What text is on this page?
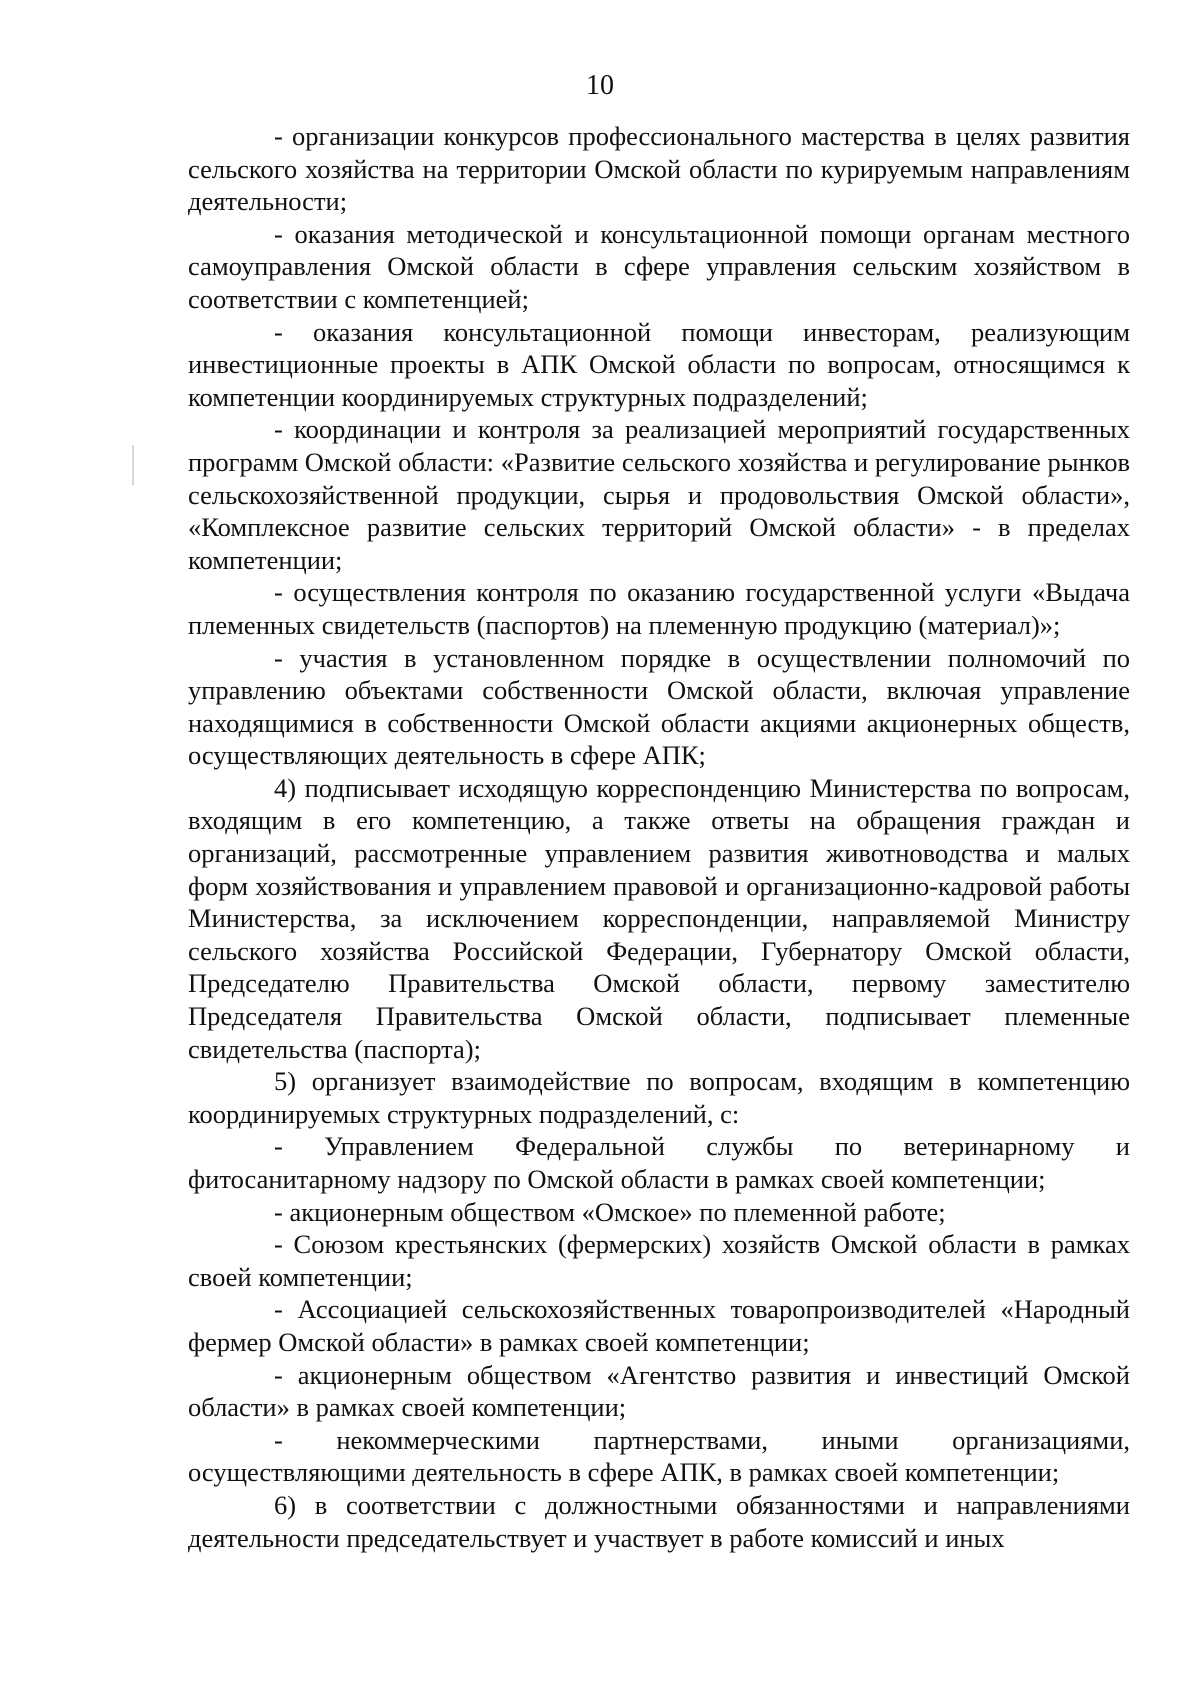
10

- организации конкурсов профессионального мастерства в целях развития сельского хозяйства на территории Омской области по курируемым направлениям деятельности;

- оказания методической и консультационной помощи органам местного самоуправления Омской области в сфере управления сельским хозяйством в соответствии с компетенцией;

- оказания консультационной помощи инвесторам, реализующим инвестиционные проекты в АПК Омской области по вопросам, относящимся к компетенции координируемых структурных подразделений;

- координации и контроля за реализацией мероприятий государственных программ Омской области: «Развитие сельского хозяйства и регулирование рынков сельскохозяйственной продукции, сырья и продовольствия Омской области», «Комплексное развитие сельских территорий Омской области» - в пределах компетенции;

- осуществления контроля по оказанию государственной услуги «Выдача племенных свидетельств (паспортов) на племенную продукцию (материал)»;

- участия в установленном порядке в осуществлении полномочий по управлению объектами собственности Омской области, включая управление находящимися в собственности Омской области акциями акционерных обществ, осуществляющих деятельность в сфере АПК;

4) подписывает исходящую корреспонденцию Министерства по вопросам, входящим в его компетенцию, а также ответы на обращения граждан и организаций, рассмотренные управлением развития животноводства и малых форм хозяйствования и управлением правовой и организационно-кадровой работы Министерства, за исключением корреспонденции, направляемой Министру сельского хозяйства Российской Федерации, Губернатору Омской области, Председателю Правительства Омской области, первому заместителю Председателя Правительства Омской области, подписывает племенные свидетельства (паспорта);

5) организует взаимодействие по вопросам, входящим в компетенцию координируемых структурных подразделений, с:

- Управлением Федеральной службы по ветеринарному и фитосанитарному надзору по Омской области в рамках своей компетенции;

- акционерным обществом «Омское» по племенной работе;

- Союзом крестьянских (фермерских) хозяйств Омской области в рамках своей компетенции;

- Ассоциацией сельскохозяйственных товаропроизводителей «Народный фермер Омской области» в рамках своей компетенции;

- акционерным обществом «Агентство развития и инвестиций Омской области» в рамках своей компетенции;

- некоммерческими партнерствами, иными организациями, осуществляющими деятельность в сфере АПК, в рамках своей компетенции;

6) в соответствии с должностными обязанностями и направлениями деятельности председательствует и участвует в работе комиссий и иных
